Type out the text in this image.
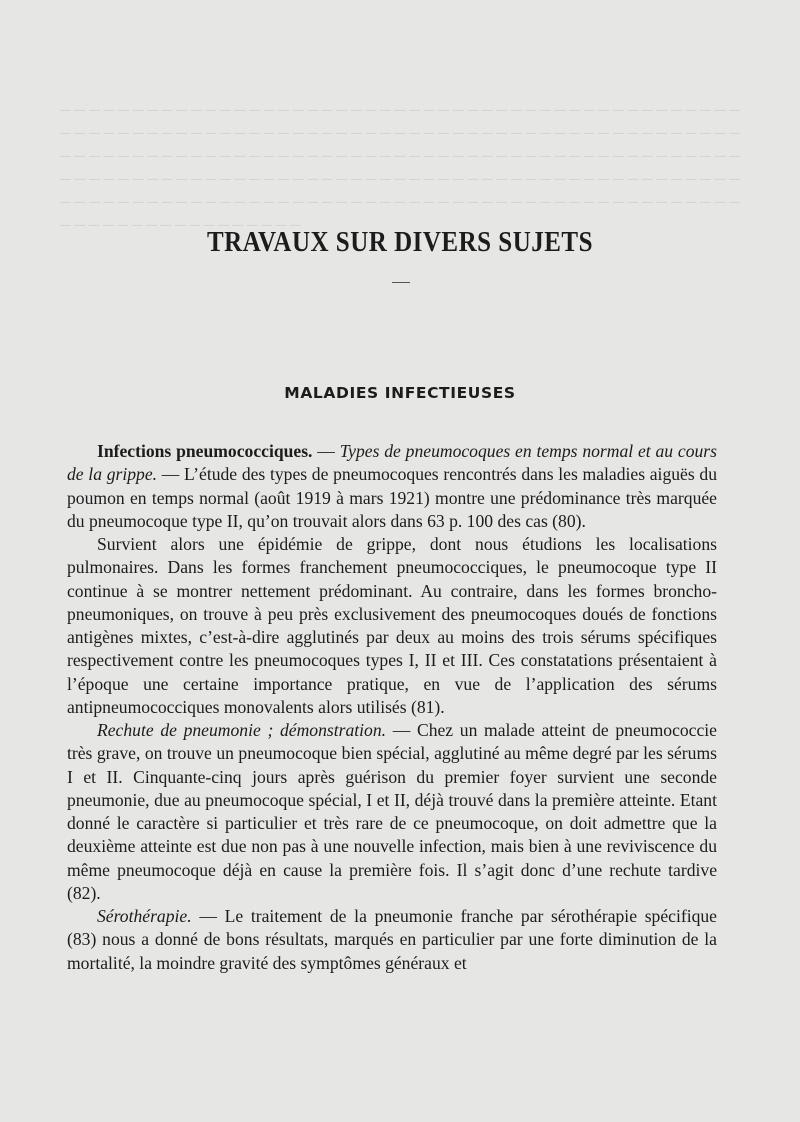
─ ─ ─ ─ ─ ─ ─ ─ ─ ─ ─ ─ ─ ─ ─ ─ ─ ─ ─ ─ ─ ─ ─ ─ ─ ─ ─ ─ ─ ─ ─ ─ ─ ─ ─ ─ ─ ─ ─ ─ ─ ─ ─ ─ ─ ─ ─ ─ ─ ─ ─ ─ ─ ─ ─ ─ ─ ─ ─ ─ ─ ─ ─ ─ ─ ─ ─ ─ ─ ─ ─ ─ ─ ─ ─ ─ ─ ─ ─ ─ ─ ─ ─ ─ ─ ─ ─ ─ ─ ─ ─ ─ ─ ─ ─ ─ ─ ─ ─ ─ ─ ─ ─ ─ ─ ─ ─ ─ ─ ─ ─ ─ ─ ─ ─ ─ ─ ─ ─ ─ ─ ─ ─ ─ ─ ─ ─ ─ ─ ─ ─ ─ ─ ─ ─ ─ ─ ─ ─ ─ ─ ─ ─ ─ ─ ─ ─ ─ ─ ─ ─ ─ ─ ─ ─ ─ ─ ─ ─ ─ ─ ─ ─ ─ ─ ─ ─ ─ ─ ─ ─ ─ ─ ─ ─ ─ ─ ─ ─ ─ ─ ─ ─ ─ ─ ─ ─ ─ ─ ─ ─ ─ ─ ─ ─ ─ ─ ─ ─ ─ ─ ─ ─ ─ ─ ─ ─ ─ ─ ─ ─ ─ ─ ─ ─ ─ ─ ─ ─ ─ ─ ─ ─ ─ ─ ─ ─ ─ ─ ─ ─ ─ ─ ─ ─ ─ ─ ─ ─ ─ ─ ─ ─ ─ ─ ─ ─ ─ ─ ─ ─ ─
TRAVAUX SUR DIVERS SUJETS
MALADIES INFECTIEUSES

Infections pneumococciques. — Types de pneumocoques en temps normal et au cours de la grippe. — L’étude des types de pneumocoques rencontrés dans les maladies aiguës du poumon en temps normal (août 1919 à mars 1921) montre une prédominance très marquée du pneumocoque type II, qu’on trouvait alors dans 63 p. 100 des cas (80).

Survient alors une épidémie de grippe, dont nous étudions les localisations pulmonaires. Dans les formes franchement pneumococciques, le pneumocoque type II continue à se montrer nettement prédominant. Au contraire, dans les formes broncho-pneumoniques, on trouve à peu près exclusivement des pneumocoques doués de fonctions antigènes mixtes, c’est-à-dire agglutinés par deux au moins des trois sérums spécifiques respectivement contre les pneumocoques types I, II et III. Ces constatations présentaient à l’époque une certaine importance pratique, en vue de l’application des sérums antipneumococciques monovalents alors utilisés (81).

Rechute de pneumonie ; démonstration. — Chez un malade atteint de pneumococcie très grave, on trouve un pneumocoque bien spécial, agglutiné au même degré par les sérums I et II. Cinquante-cinq jours après guérison du premier foyer survient une seconde pneumonie, due au pneumocoque spécial, I et II, déjà trouvé dans la première atteinte. Etant donné le caractère si particulier et très rare de ce pneumocoque, on doit admettre que la deuxième atteinte est due non pas à une nouvelle infection, mais bien à une reviviscence du même pneumocoque déjà en cause la première fois. Il s’agit donc d’une rechute tardive (82).

Sérothérapie. — Le traitement de la pneumonie franche par sérothérapie spécifique (83) nous a donné de bons résultats, marqués en particulier par une forte diminution de la mortalité, la moindre gravité des symptômes généraux et
